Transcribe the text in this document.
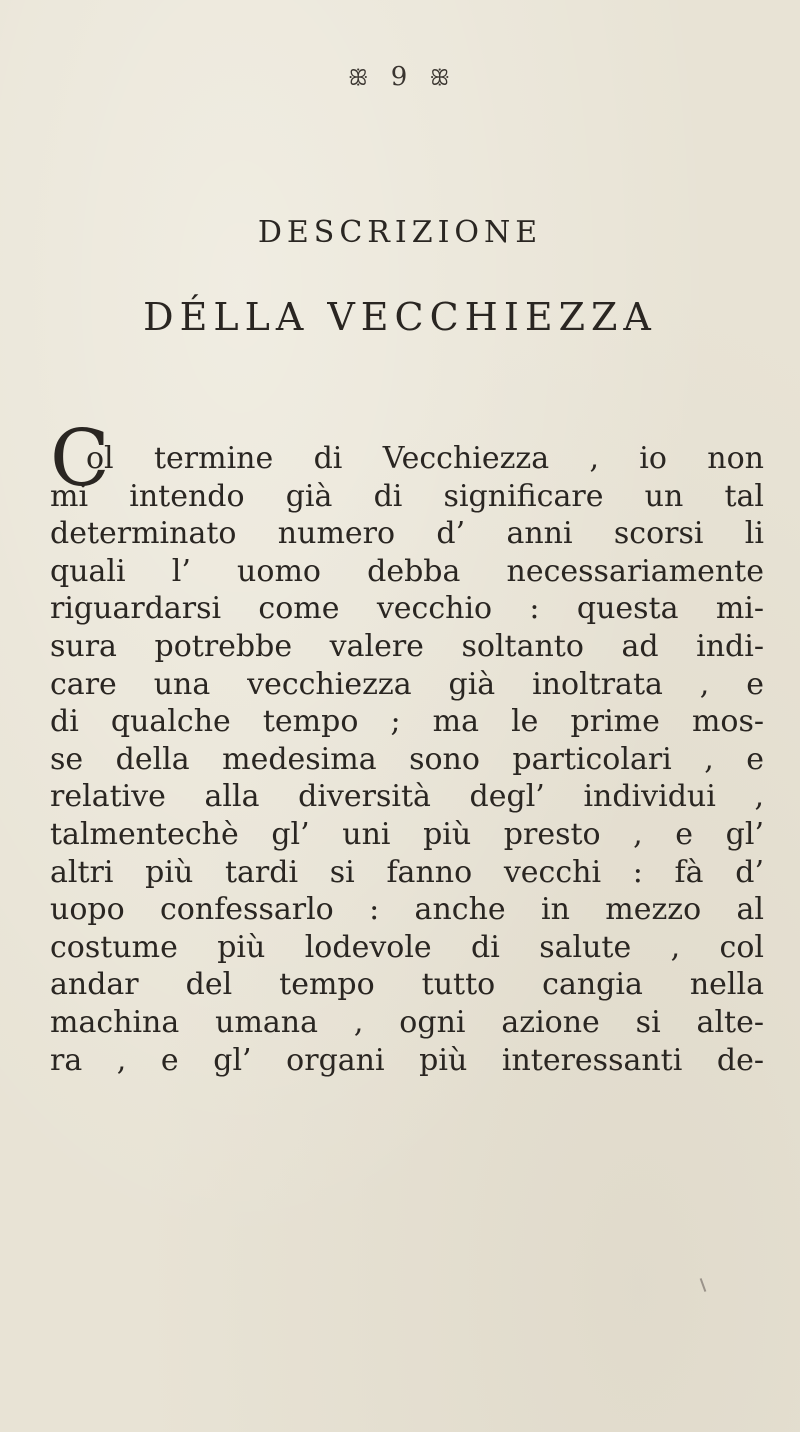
ꕥ 9 ꕥ
DESCRIZIONE
DÉLLA VECCHIEZZA
C
ol termine di Vecchiezza , io non
mi intendo già di significare un tal
determinato numero d’ anni scorsi li
quali l’ uomo debba necessariamente
riguardarsi come vecchio : questa mi-
sura potrebbe valere soltanto ad indi-
care una vecchiezza già inoltrata , e
di qualche tempo ; ma le prime mos-
se della medesima sono particolari , e
relative alla diversità degl’ individui ,
talmentechè gl’ uni più presto , e gl’
altri più tardi si fanno vecchi : fà d’
uopo confessarlo : anche in mezzo al
costume più lodevole di salute , col
andar del tempo tutto cangia nella
machina umana , ogni azione si alte-
ra , e gl’ organi più interessanti de-
